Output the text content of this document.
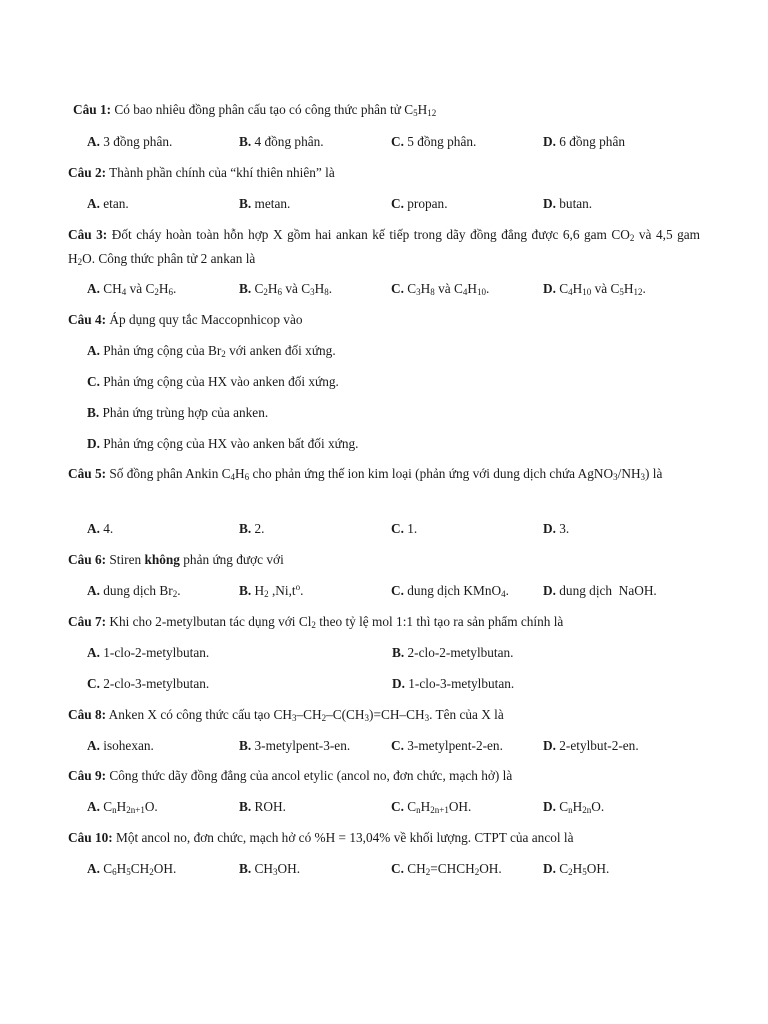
Câu 1: Có bao nhiêu đồng phân cấu tạo có công thức phân tử $C_5H_{12}$
A. 3 đồng phân.	B. 4 đồng phân.	C. 5 đồng phân.	D. 6 đồng phân
Câu 2: Thành phần chính của “khí thiên nhiên” là
A. etan.	B. metan.	C. propan.	D. butan.
Câu 3: Đốt cháy hoàn toàn hỗn hợp X gồm hai ankan kế tiếp trong dãy đồng đẳng được 6,6 gam $CO_2$ và 4,5 gam $H_2O$. Công thức phân tử 2 ankan là
A. $CH_4$ và $C_2H_6$.	B. $C_2H_6$ và $C_3H_8$.	C. $C_3H_8$ và $C_4H_{10}$.	D. $C_4H_{10}$ và $C_5H_{12}$.
Câu 4: Áp dụng quy tắc Maccopnhicop vào
A. Phản ứng cộng của $Br_2$ với anken đối xứng.
C. Phản ứng cộng của HX vào anken đối xứng.
B. Phản ứng trùng hợp của anken.
D. Phản ứng cộng của HX vào anken bất đối xứng.
Câu 5: Số đồng phân Ankin $C_4H_6$ cho phản ứng thế ion kim loại (phản ứng với dung dịch chứa $AgNO_3/NH_3$) là
A. 4.	B. 2.	C. 1.	D. 3.
Câu 6: Stiren không phản ứng được với
A. dung dịch $Br_2$.	B. $H_2$ $,Ni,t^o$.	C. dung dịch KMnO$_4$.	D. dung dịch  NaOH.
Câu 7: Khi cho 2-metylbutan tác dụng với $Cl_2$ theo tỷ lệ mol 1:1 thì tạo ra sản phẩm chính là
A. 1-clo-2-metylbutan.	B. 2-clo-2-metylbutan.
C. 2-clo-3-metylbutan.	D. 1-clo-3-metylbutan.
Câu 8: Anken X có công thức cấu tạo $CH_3-CH_2-C(CH_3)=CH-CH_3$. Tên của X là
A. isohexan.	B. 3-metylpent-3-en.	C. 3-metylpent-2-en.	D. 2-etylbut-2-en.
Câu 9: Công thức dãy đồng đẳng của ancol etylic (ancol no, đơn chức, mạch hở) là
A. $C_nH_{2n+1}O$.	B. ROH.	C. $C_nH_{2n+1}OH$.	D. $C_nH_{2n}O$.
Câu 10: Một ancol no, đơn chức, mạch hở có %H = 13,04% về khối lượng. CTPT của ancol là
A. $C_6H_5CH_2OH$.	B. $CH_3OH$.	C. $CH_2=CHCH_2OH$.	D. $C_2H_5OH$.
